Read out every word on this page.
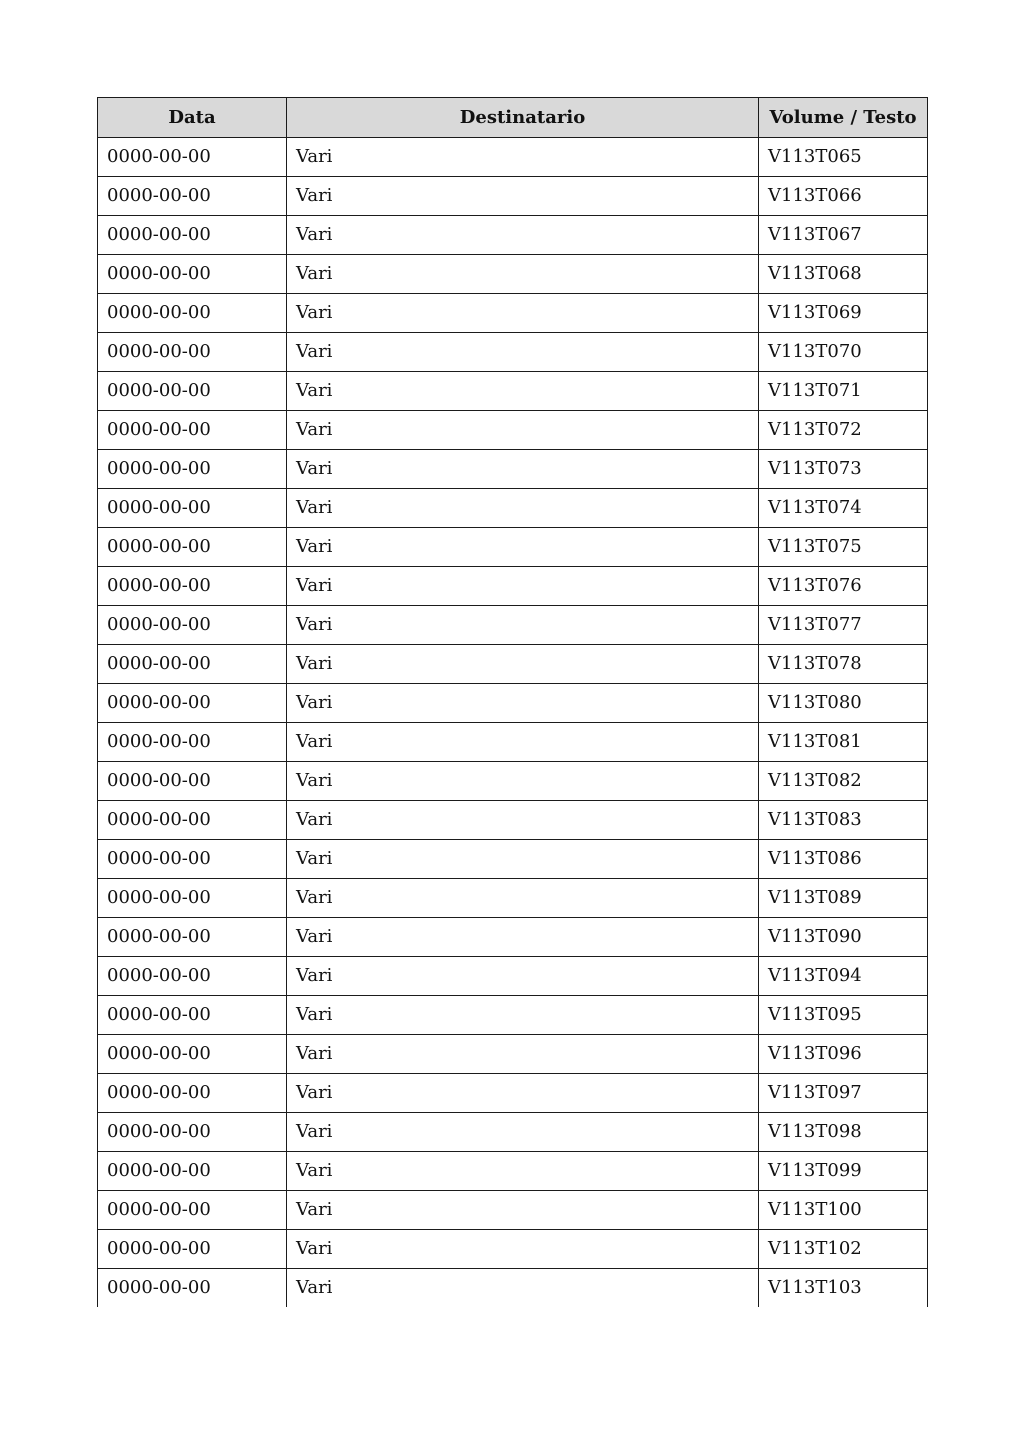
Data	Destinatario	Volume / Testo
0000-00-00	Vari	V113T065
0000-00-00	Vari	V113T066
0000-00-00	Vari	V113T067
0000-00-00	Vari	V113T068
0000-00-00	Vari	V113T069
0000-00-00	Vari	V113T070
0000-00-00	Vari	V113T071
0000-00-00	Vari	V113T072
0000-00-00	Vari	V113T073
0000-00-00	Vari	V113T074
0000-00-00	Vari	V113T075
0000-00-00	Vari	V113T076
0000-00-00	Vari	V113T077
0000-00-00	Vari	V113T078
0000-00-00	Vari	V113T080
0000-00-00	Vari	V113T081
0000-00-00	Vari	V113T082
0000-00-00	Vari	V113T083
0000-00-00	Vari	V113T086
0000-00-00	Vari	V113T089
0000-00-00	Vari	V113T090
0000-00-00	Vari	V113T094
0000-00-00	Vari	V113T095
0000-00-00	Vari	V113T096
0000-00-00	Vari	V113T097
0000-00-00	Vari	V113T098
0000-00-00	Vari	V113T099
0000-00-00	Vari	V113T100
0000-00-00	Vari	V113T102
0000-00-00	Vari	V113T103
